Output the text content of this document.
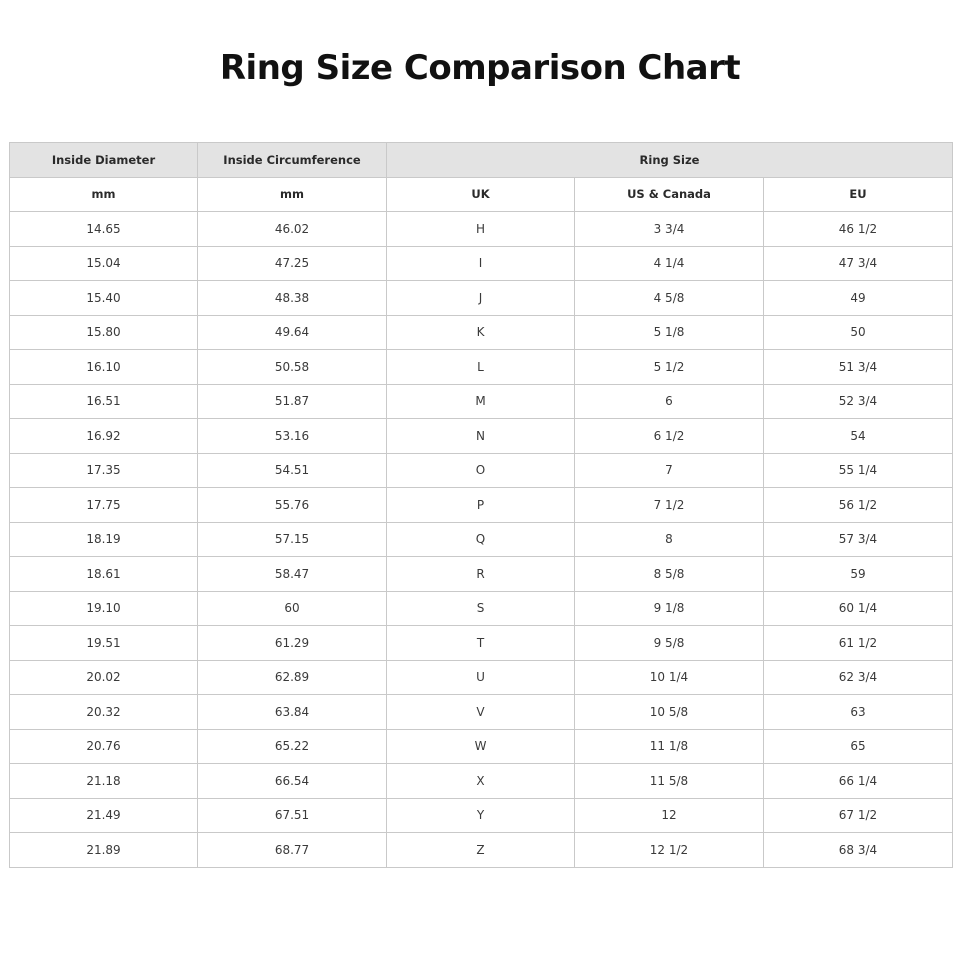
Ring Size Comparison Chart
Inside Diameter	Inside Circumference	Ring Size		
mm	mm	UK	US & Canada	EU
14.65	46.02	H	3 3/4	46 1/2
15.04	47.25	I	4 1/4	47 3/4
15.40	48.38	J	4 5/8	49
15.80	49.64	K	5 1/8	50
16.10	50.58	L	5 1/2	51 3/4
16.51	51.87	M	6	52 3/4
16.92	53.16	N	6 1/2	54
17.35	54.51	O	7	55 1/4
17.75	55.76	P	7 1/2	56 1/2
18.19	57.15	Q	8	57 3/4
18.61	58.47	R	8 5/8	59
19.10	60	S	9 1/8	60 1/4
19.51	61.29	T	9 5/8	61 1/2
20.02	62.89	U	10 1/4	62 3/4
20.32	63.84	V	10 5/8	63
20.76	65.22	W	11 1/8	65
21.18	66.54	X	11 5/8	66 1/4
21.49	67.51	Y	12	67 1/2
21.89	68.77	Z	12 1/2	68 3/4
